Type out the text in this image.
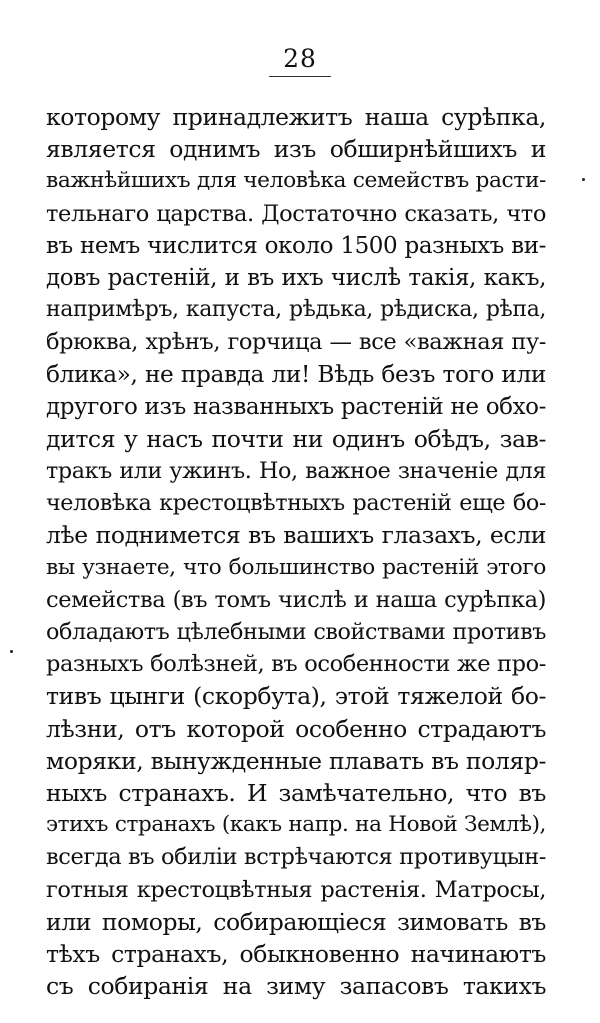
28
которому принадлежитъ наша сурѣпка,
является однимъ изъ обширнѣйшихъ и
важнѣйшихъ для человѣка семействъ расти-
тельнаго царства. Достаточно сказать, что
въ немъ числится около 1500 разныхъ ви-
довъ растенiй, и въ ихъ числѣ такiя, какъ,
напримѣръ, капуста, рѣдька, рѣдиска, рѣпа,
брюква, хрѣнъ, горчица — все «важная пу-
блика», не правда ли! Вѣдь безъ того или
другого изъ названныхъ растенiй не обхо-
дится у насъ почти ни одинъ обѣдъ, зав-
тракъ или ужинъ. Но, важное значенiе для
человѣка крестоцвѣтныхъ растенiй еще бо-
лѣе поднимется въ вашихъ глазахъ, если
вы узнаете, что большинство растенiй этого
семейства (въ томъ числѣ и наша сурѣпка)
обладаютъ цѣлебными свойствами противъ
разныхъ болѣзней, въ особенности же про-
тивъ цынги (скорбута), этой тяжелой бо-
лѣзни, отъ которой особенно страдаютъ
моряки, вынужденные плавать въ поляр-
ныхъ странахъ. И замѣчательно, что въ
этихъ странахъ (какъ напр. на Новой Землѣ),
всегда въ обилiи встрѣчаются противуцын-
готныя крестоцвѣтныя растенiя. Матросы,
или поморы, собирающiеся зимовать въ
тѣхъ странахъ, обыкновенно начинаютъ
съ собиранiя на зиму запасовъ такихъ
